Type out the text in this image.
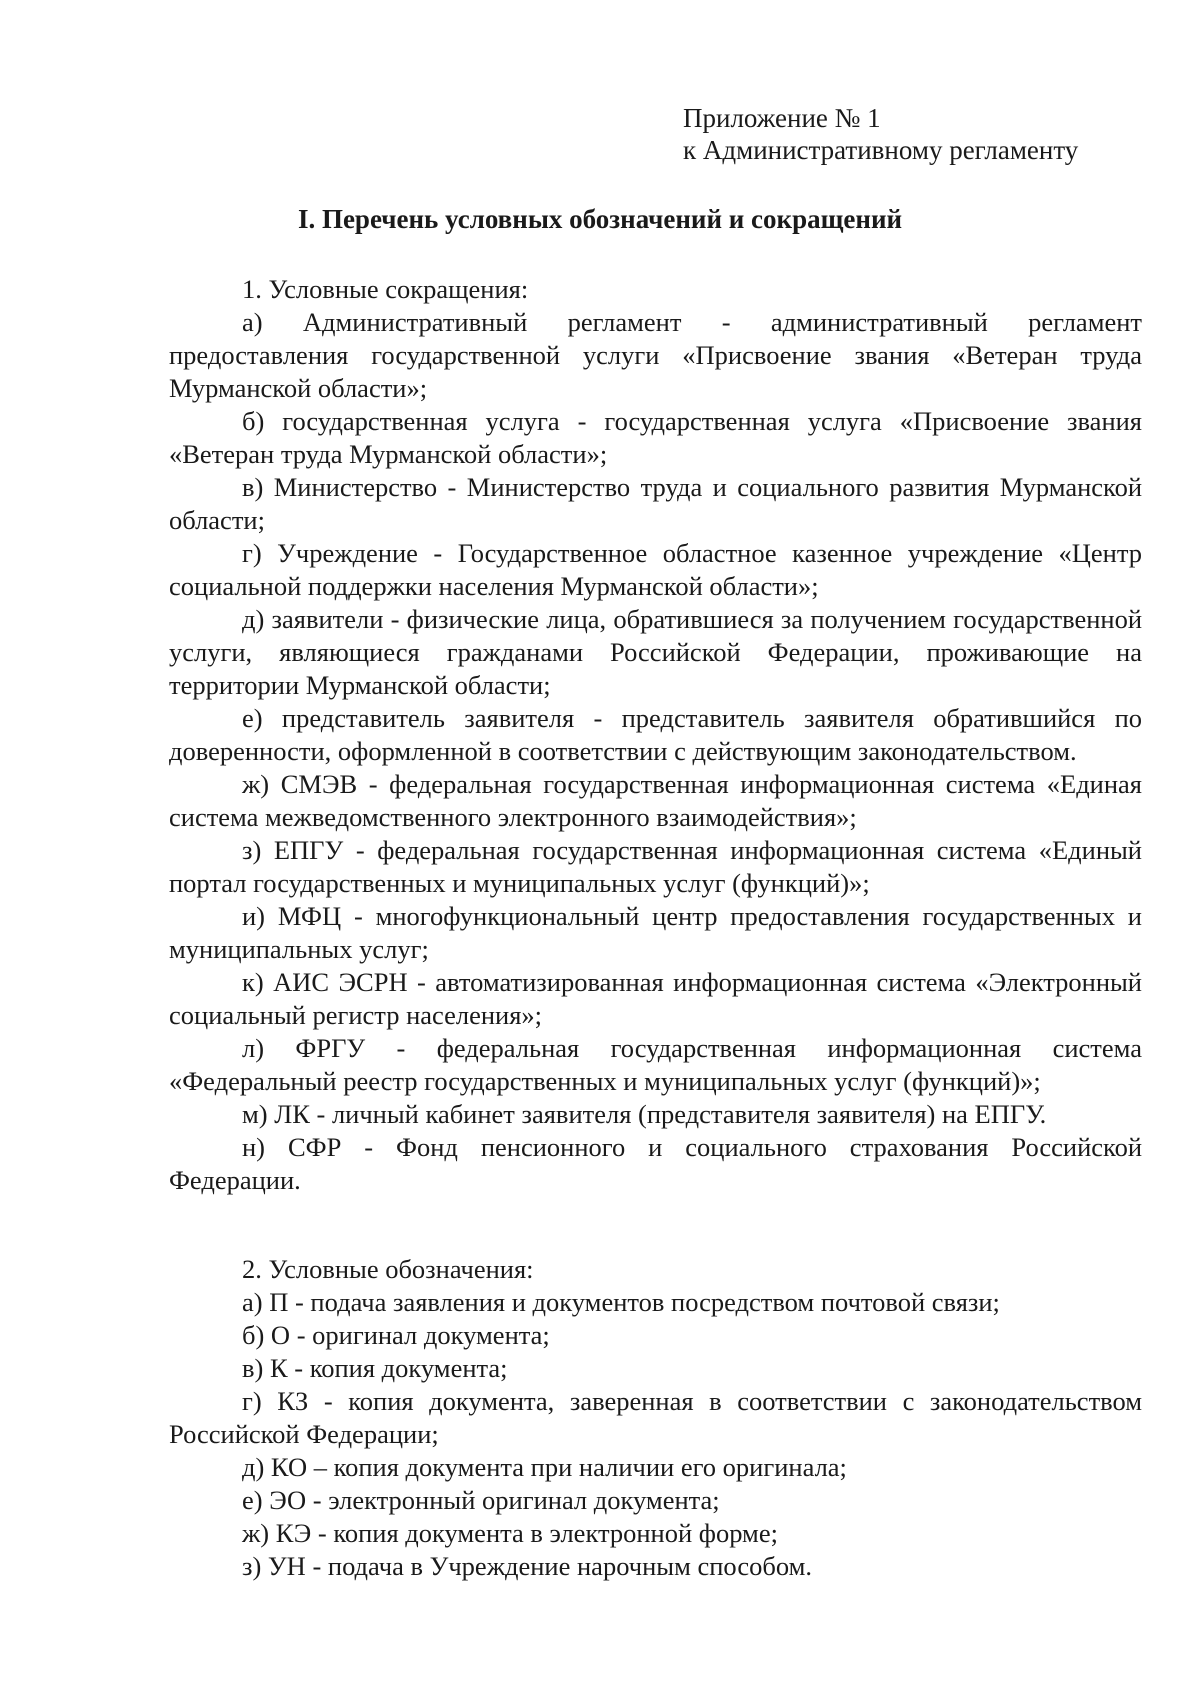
Приложение № 1
к Административному регламенту
I. Перечень условных обозначений и сокращений

1. Условные сокращения:

а) Административный регламент - административный регламент предоставления государственной услуги «Присвоение звания «Ветеран труда Мурманской области»;

б) государственная услуга - государственная услуга «Присвоение звания «Ветеран труда Мурманской области»;

в) Министерство - Министерство труда и социального развития Мурманской области;

г) Учреждение - Государственное областное казенное учреждение «Центр социальной поддержки населения Мурманской области»;

д) заявители - физические лица, обратившиеся за получением государственной услуги, являющиеся гражданами Российской Федерации, проживающие на территории Мурманской области;

е) представитель заявителя - представитель заявителя обратившийся по доверенности, оформленной в соответствии с действующим законодательством.

ж) СМЭВ - федеральная государственная информационная система «Единая система межведомственного электронного взаимодействия»;

з) ЕПГУ - федеральная государственная информационная система «Единый портал государственных и муниципальных услуг (функций)»;

и) МФЦ - многофункциональный центр предоставления государственных и муниципальных услуг;

к) АИС ЭСРН - автоматизированная информационная система «Электронный социальный регистр населения»;

л) ФРГУ - федеральная государственная информационная система «Федеральный реестр государственных и муниципальных услуг (функций)»;

м) ЛК - личный кабинет заявителя (представителя заявителя) на ЕПГУ.

н) СФР - Фонд пенсионного и социального страхования Российской Федерации.

2. Условные обозначения:

а) П - подача заявления и документов посредством почтовой связи;

б) О - оригинал документа;

в) К - копия документа;

г) КЗ - копия документа, заверенная в соответствии с законодательством Российской Федерации;

д) КО – копия документа при наличии его оригинала;

е) ЭО - электронный оригинал документа;

ж) КЭ - копия документа в электронной форме;

з) УН - подача в Учреждение нарочным способом.
